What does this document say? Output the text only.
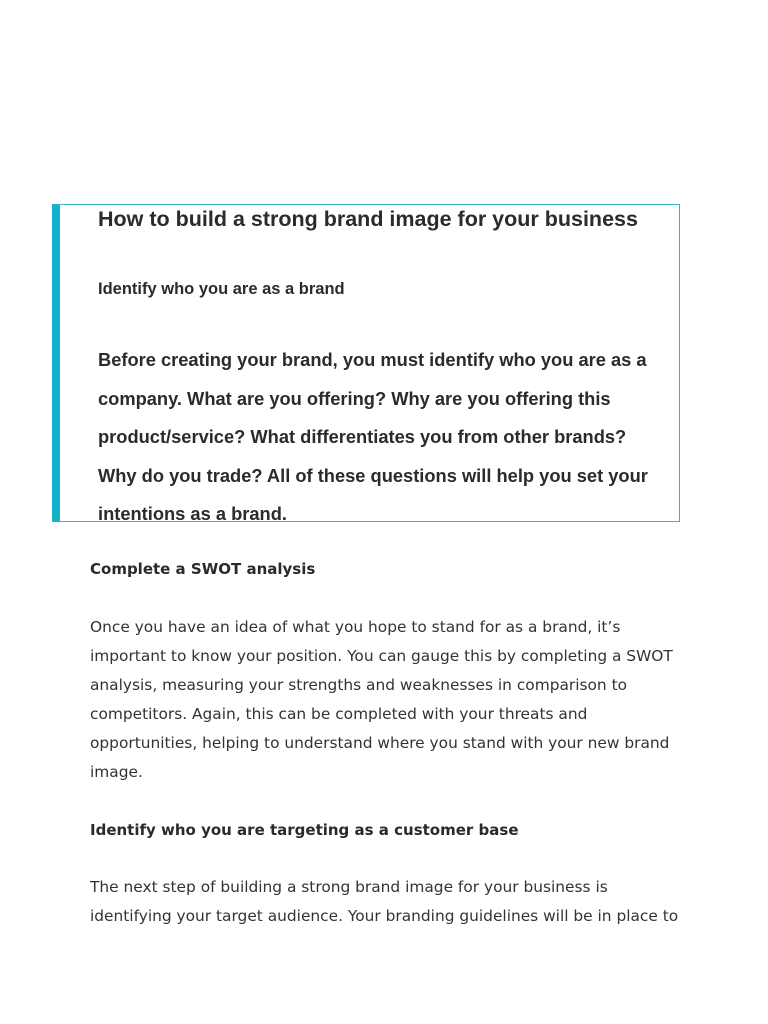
How to build a strong brand image for your business
Identify who you are as a brand

Before creating your brand, you must identify who you are as a
company. What are you offering? Why are you offering this
product/service? What differentiates you from other brands?
Why do you trade? All of these questions will help you set your
intentions as a brand.

Complete a SWOT analysis

Once you have an idea of what you hope to stand for as a brand, it’s
important to know your position. You can gauge this by completing a SWOT
analysis, measuring your strengths and weaknesses in comparison to
competitors. Again, this can be completed with your threats and
opportunities, helping to understand where you stand with your new brand
image.

Identify who you are targeting as a customer base

The next step of building a strong brand image for your business is
identifying your target audience. Your branding guidelines will be in place to
